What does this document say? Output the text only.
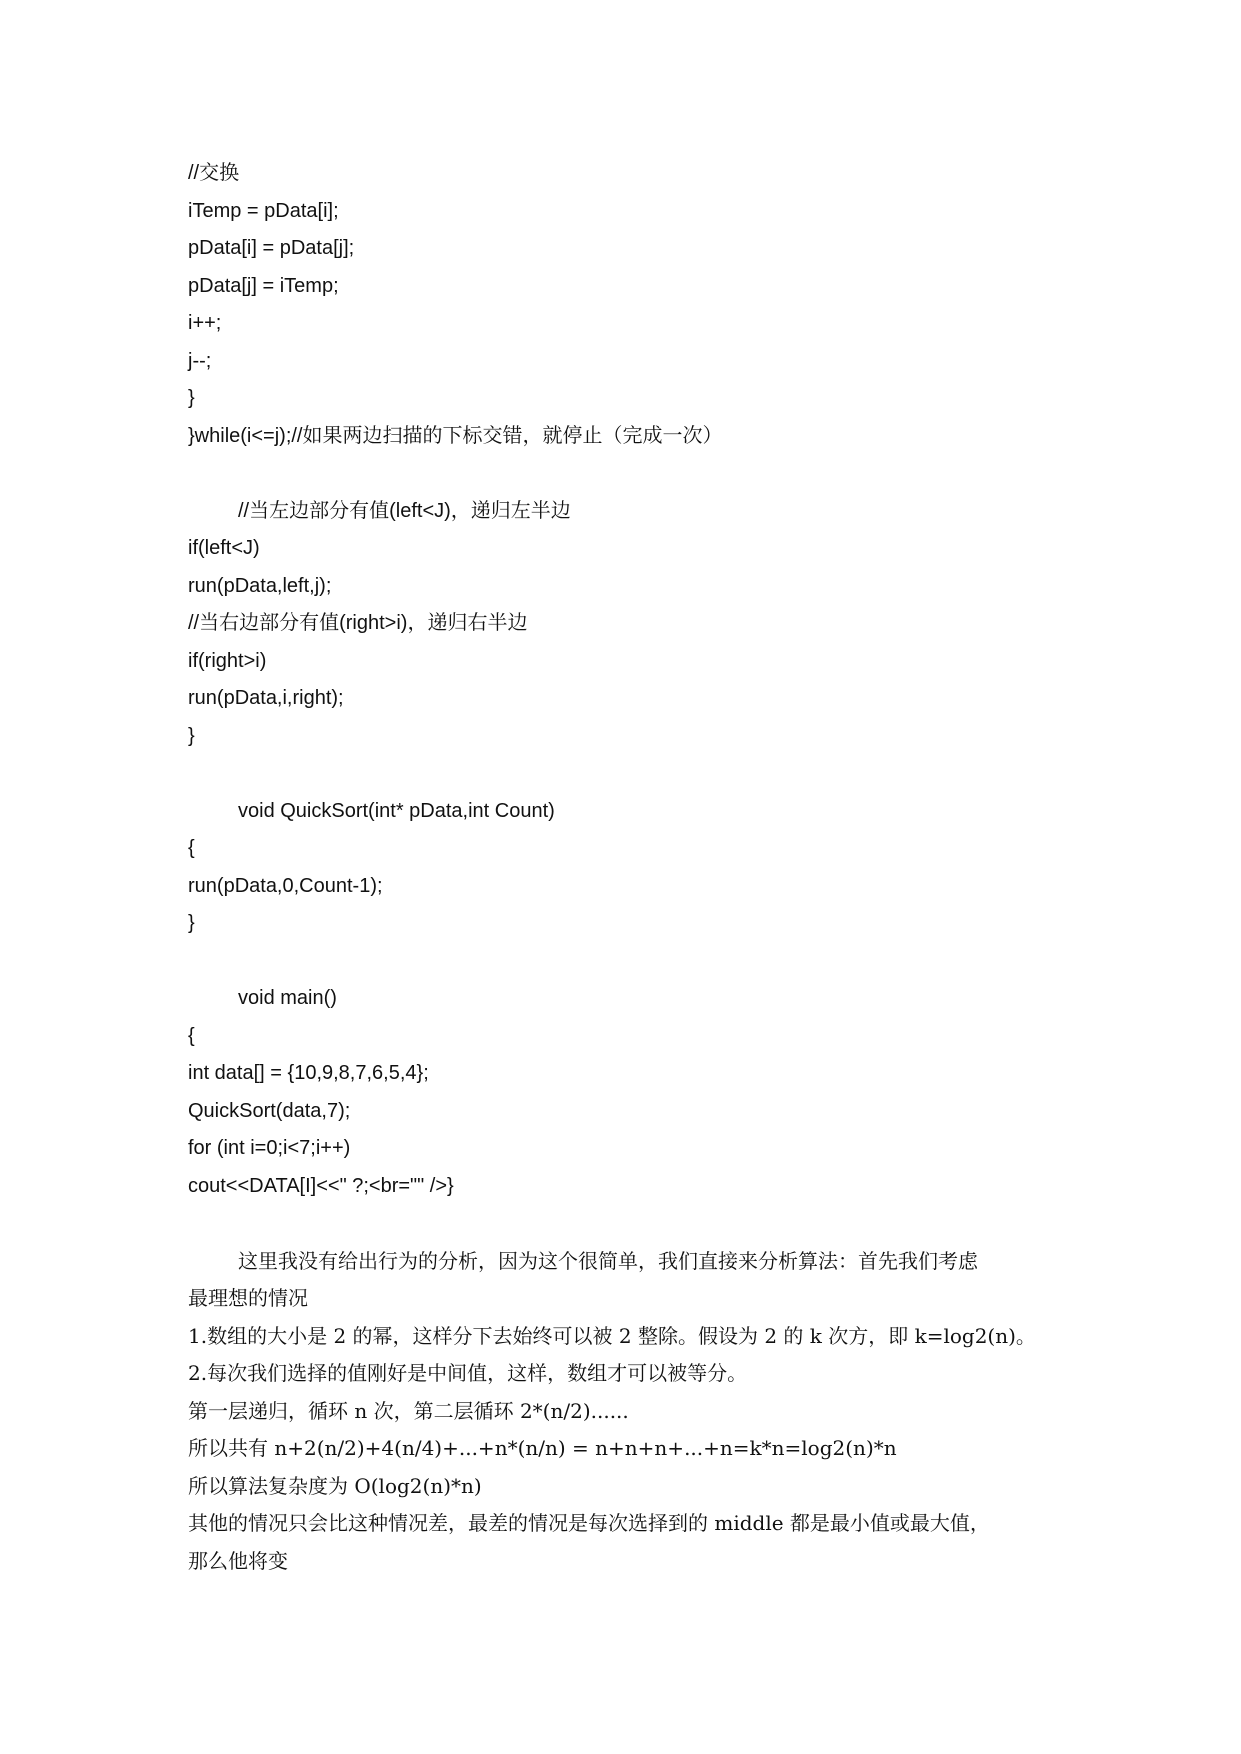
//交换
iTemp = pData[i];
pData[i] = pData[j];
pData[j] = iTemp;
i++;
j--;
}
}while(i<=j);//如果两边扫描的下标交错，就停止（完成一次）
//当左边部分有值(left<J)，递归左半边
if(left<J)
run(pData,left,j);
//当右边部分有值(right>i)，递归右半边
if(right>i)
run(pData,i,right);
}
void QuickSort(int* pData,int Count)
{
run(pData,0,Count-1);
}
void main()
{
int data[] = {10,9,8,7,6,5,4};
QuickSort(data,7);
for (int i=0;i<7;i++)
cout<<DATA[I]<<" ?;<br="" />}
这里我没有给出行为的分析，因为这个很简单，我们直接来分析算法：首先我们考虑
最理想的情况
1.数组的大小是 2 的幂，这样分下去始终可以被 2 整除。假设为 2 的 k 次方，即 k=log2(n)。
2.每次我们选择的值刚好是中间值，这样，数组才可以被等分。
第一层递归，循环 n 次，第二层循环 2*(n/2)......
所以共有 n+2(n/2)+4(n/4)+...+n*(n/n) = n+n+n+...+n=k*n=log2(n)*n
所以算法复杂度为 O(log2(n)*n)
其他的情况只会比这种情况差，最差的情况是每次选择到的 middle 都是最小值或最大值，
那么他将变
